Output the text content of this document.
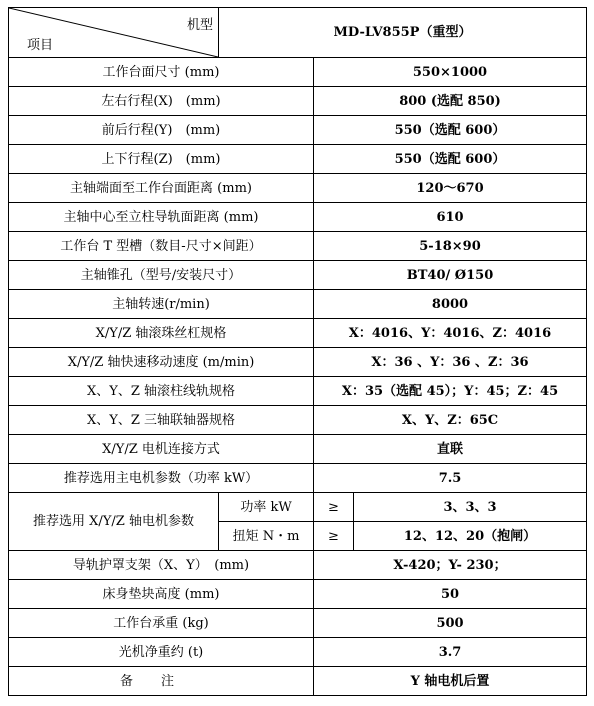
机型
项目	MD-LV855P（重型）		
工作台面尺寸 (mm)		550×1000	
左右行程(X)　(mm)		800 (选配 850)	
前后行程(Y)　(mm)		550（选配 600）	
上下行程(Z)　(mm)		550（选配 600）	
主轴端面至工作台面距离 (mm)		120～670	
主轴中心至立柱导轨面距离 (mm)		610	
工作台 T 型槽（数目-尺寸×间距）		5-18×90	
主轴锥孔（型号/安装尺寸）		BT40/ Ø150	
主轴转速(r/min)		8000	
X/Y/Z 轴滚珠丝杠规格		X：4016、Y：4016、Z：4016	
X/Y/Z 轴快速移动速度 (m/min)		X：36 、Y：36 、Z：36	
X、Y、Z 轴滚柱线轨规格		X：35（选配 45）；Y：45；Z：45	
X、Y、Z 三轴联轴器规格		X、Y、Z：65C	
X/Y/Z 电机连接方式		直联	
推荐选用主电机参数（功率 kW）		7.5	
推荐选用 X/Y/Z 轴电机参数	功率 kW	≥	3、3、3
	扭矩 N・m	≥	12、12、20（抱闸）
导轨护罩支架（X、Y）　(mm)		X-420；Y- 230；	
床身垫块高度 (mm)		50	
工作台承重 (kg)		500	
光机净重约 (t)		3.7	
备注		Y 轴电机后置	
